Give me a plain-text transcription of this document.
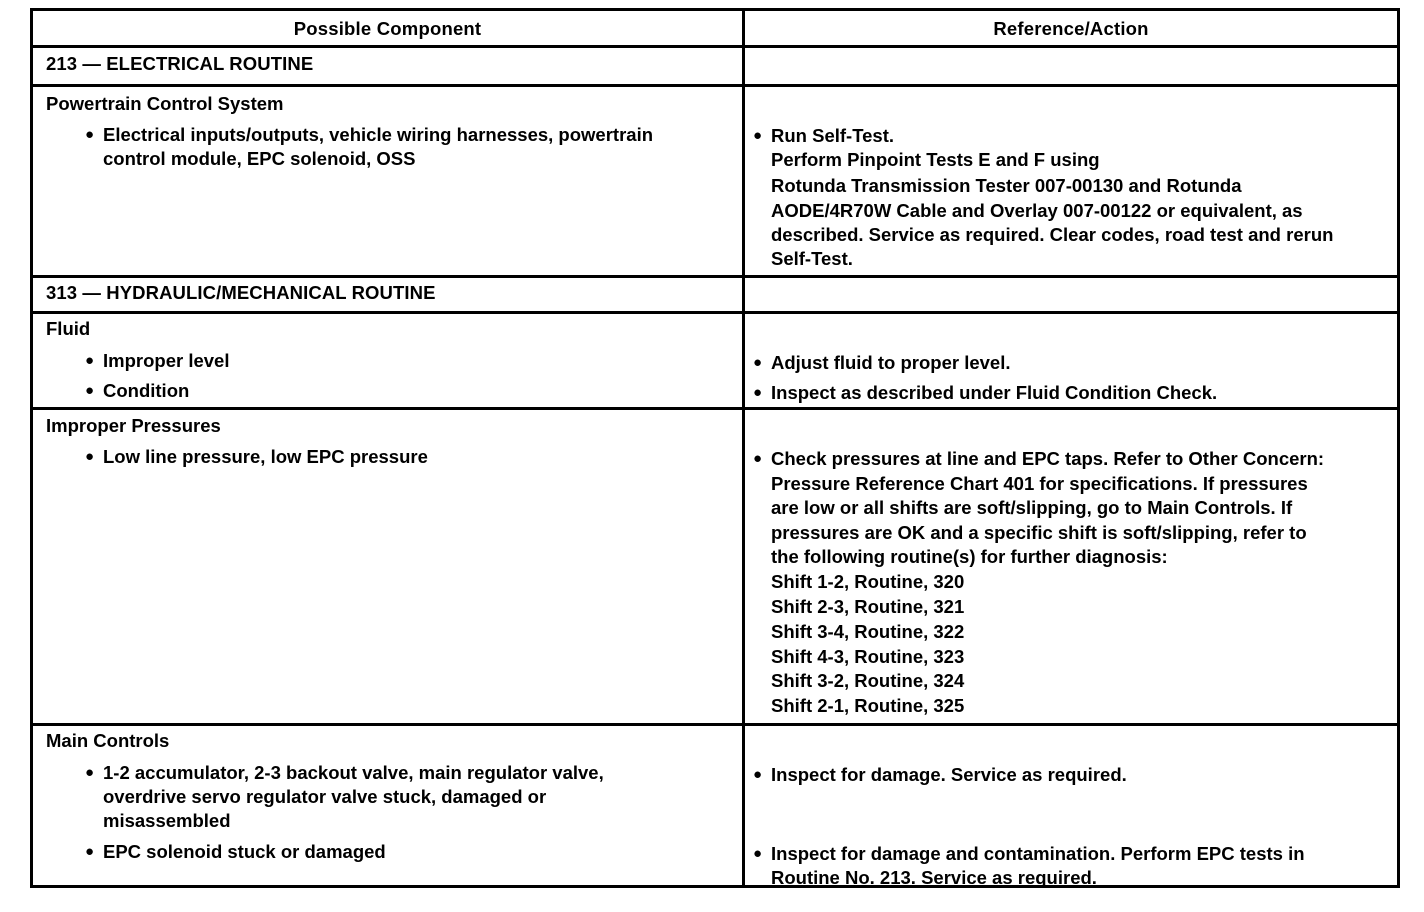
Possible Component	Reference/Action
213 — ELECTRICAL ROUTINE
Powertrain Control System
● Electrical inputs/outputs, vehicle wiring harnesses, powertrain
control module, EPC solenoid, OSS
● Run Self-Test.
Perform Pinpoint Tests E and F using
Rotunda Transmission Tester 007-00130 and Rotunda
AODE/4R70W Cable and Overlay 007-00122 or equivalent, as
described. Service as required. Clear codes, road test and rerun
Self-Test.
313 — HYDRAULIC/MECHANICAL ROUTINE
Fluid
● Improper level
● Condition
● Adjust fluid to proper level.
● Inspect as described under Fluid Condition Check.
Improper Pressures
● Low line pressure, low EPC pressure
●	Check pressures at line and EPC taps. Refer to Other Concern:
Pressure Reference Chart 401 for specifications. If pressures
are low or all shifts are soft/slipping, go to Main Controls. If
pressures are OK and a specific shift is soft/slipping, refer to
the following routine(s) for further diagnosis:
Shift 1-2, Routine, 320
Shift 2-3, Routine, 321
Shift 3-4, Routine, 322
Shift 4-3, Routine, 323
Shift 3-2, Routine, 324
Shift 2-1, Routine, 325
Main Controls
● 1-2 accumulator, 2-3 backout valve, main regulator valve,
overdrive servo regulator valve stuck, damaged or
misassembled
● EPC solenoid stuck or damaged
● Inspect for damage. Service as required.
● Inspect for damage and contamination. Perform EPC tests in
Routine No. 213. Service as required.
